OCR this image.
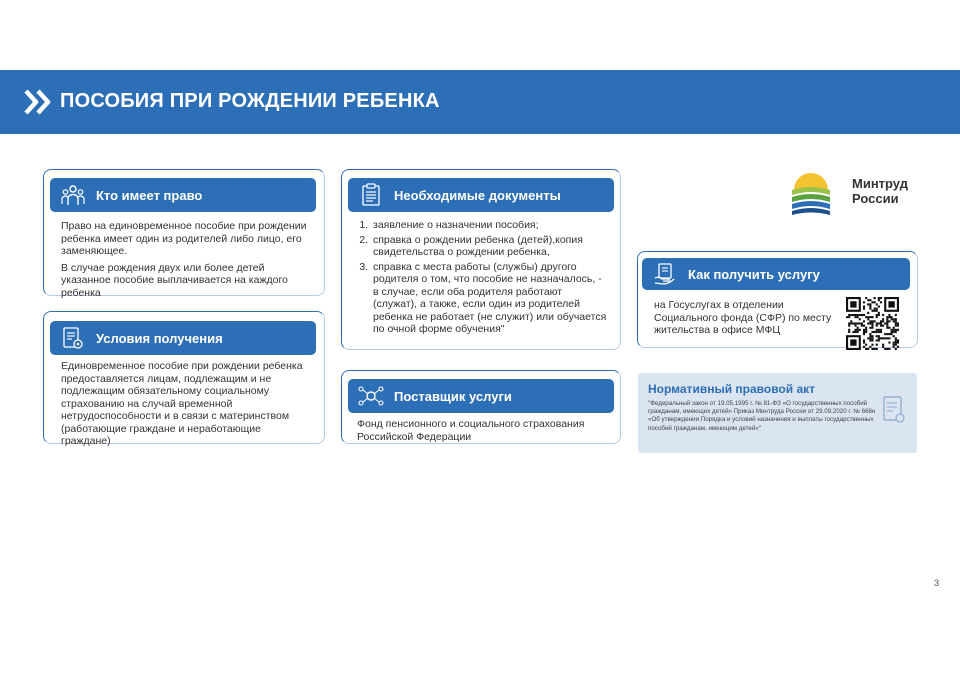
ПОСОБИЯ ПРИ РОЖДЕНИИ РЕБЕНКА
Минтруд
России
Кто имеет право

Право на единовременное пособие при рождении ребенка имеет один из родителей либо лицо, его заменяющее.

В случае рождения двух или более детей указанное пособие выплачивается на каждого ребенка

Условия получения

Единовременное пособие при рождении ребенка предоставляется лицам, подлежащим и не подлежащим обязательному социальному страхованию на случай временной нетрудоспособности и в связи с материнством (работающие граждане и неработающие граждане)

Необходимые документы
1. заявление о назначении пособия;
2. справка о рождении ребенка (детей),копия свидетельства о рождении ребенка,
3. справка с места работы (службы) другого родителя о том, что пособие не назначалось, - в случае, если оба родителя работают (служат), а также, если один из родителей ребенка не работает (не служит) или обучается по очной форме обучения"
Поставщик услуги

Фонд пенсионного и социального страхования Российской Федерации

Как получить услугу

на Госуслугах в отделении Социального фонда (СФР) по месту жительства в офисе МФЦ

Нормативный правовой акт
"Федеральный закон от 19.05.1995 г. № 81-ФЗ «О государственных пособий гражданам, имеющих детей» Приказ Минтруда России от 29.09.2020 г. № 668н «Об утверждении Порядка и условий назначения и выплаты государственных пособий гражданам, имеющим детей»"
3
